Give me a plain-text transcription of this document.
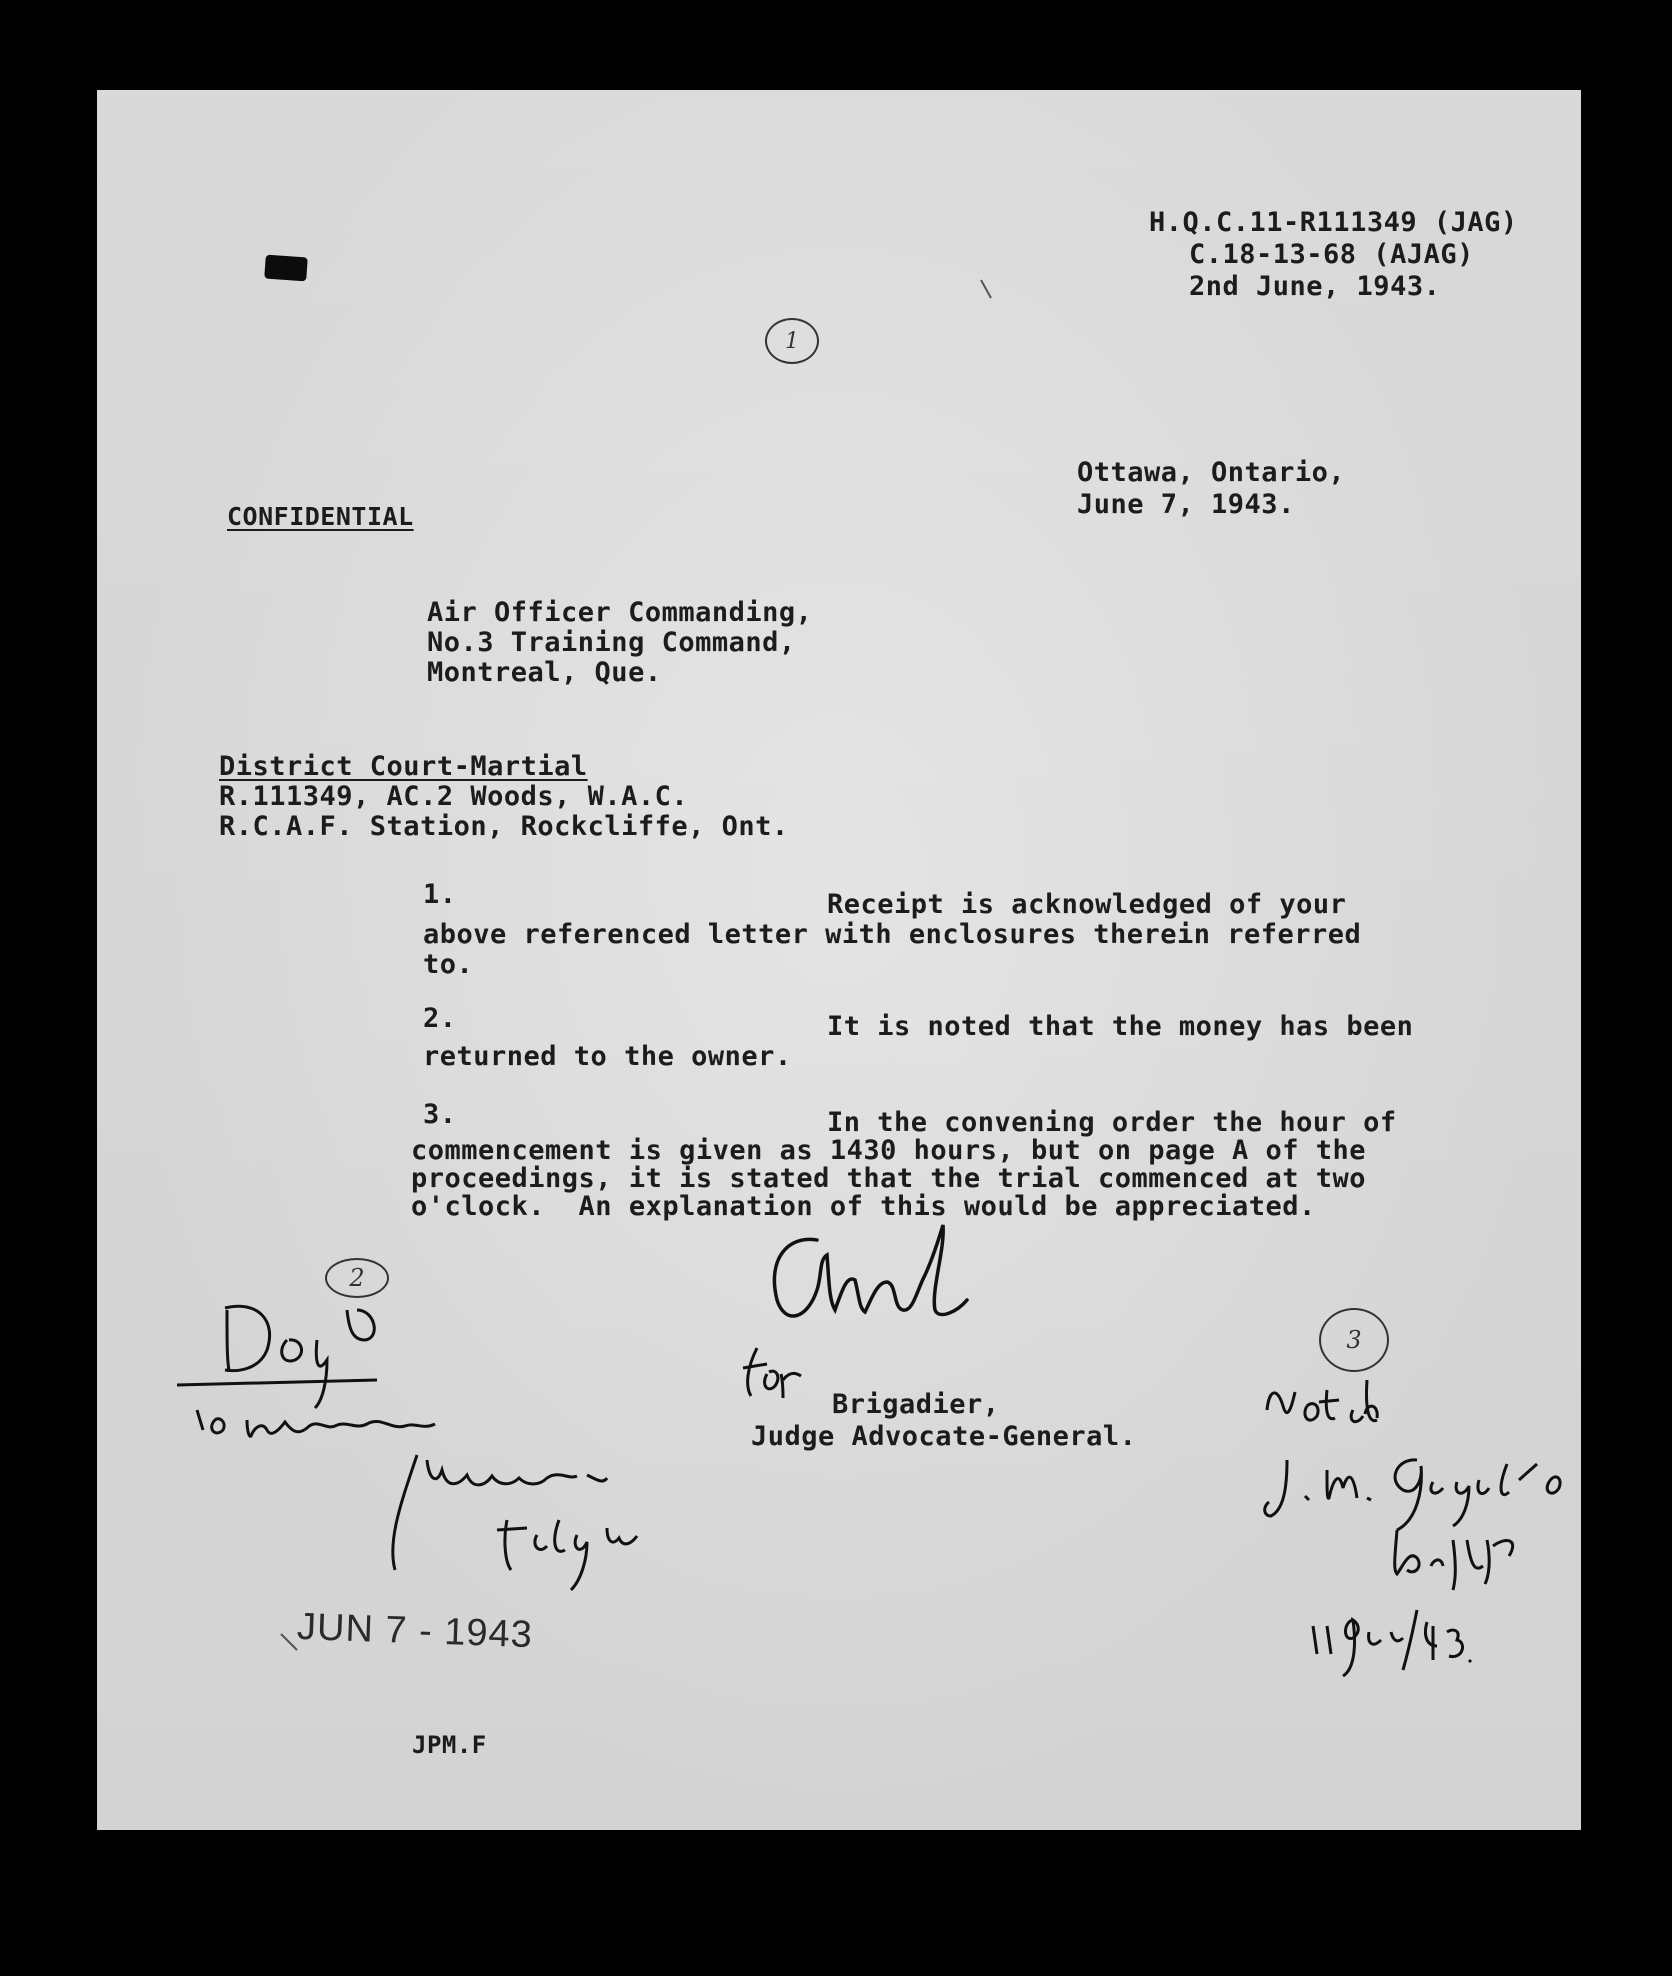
H.Q.C.11-R111349 (JAG)
C.18-13-68 (AJAG)
2nd June, 1943.
1
Ottawa, Ontario,
June 7, 1943.
CONFIDENTIAL
Air Officer Commanding,
No.3 Training Command,
Montreal, Que.
District Court-Martial
R.111349, AC.2 Woods, W.A.C.
R.C.A.F. Station, Rockcliffe, Ont.
1.	Receipt is acknowledged of your
above referenced letter with enclosures therein referred
to.
2.	It is noted that the money has been
returned to the owner.
3.	In the convening order the hour of
commencement is given as 1430 hours, but on page A of the
proceedings, it is stated that the trial commenced at two
o'clock.  An explanation of this would be appreciated.
Brigadier,
Judge Advocate-General.
2
JUN 7 - 1943
3
JPM.F
